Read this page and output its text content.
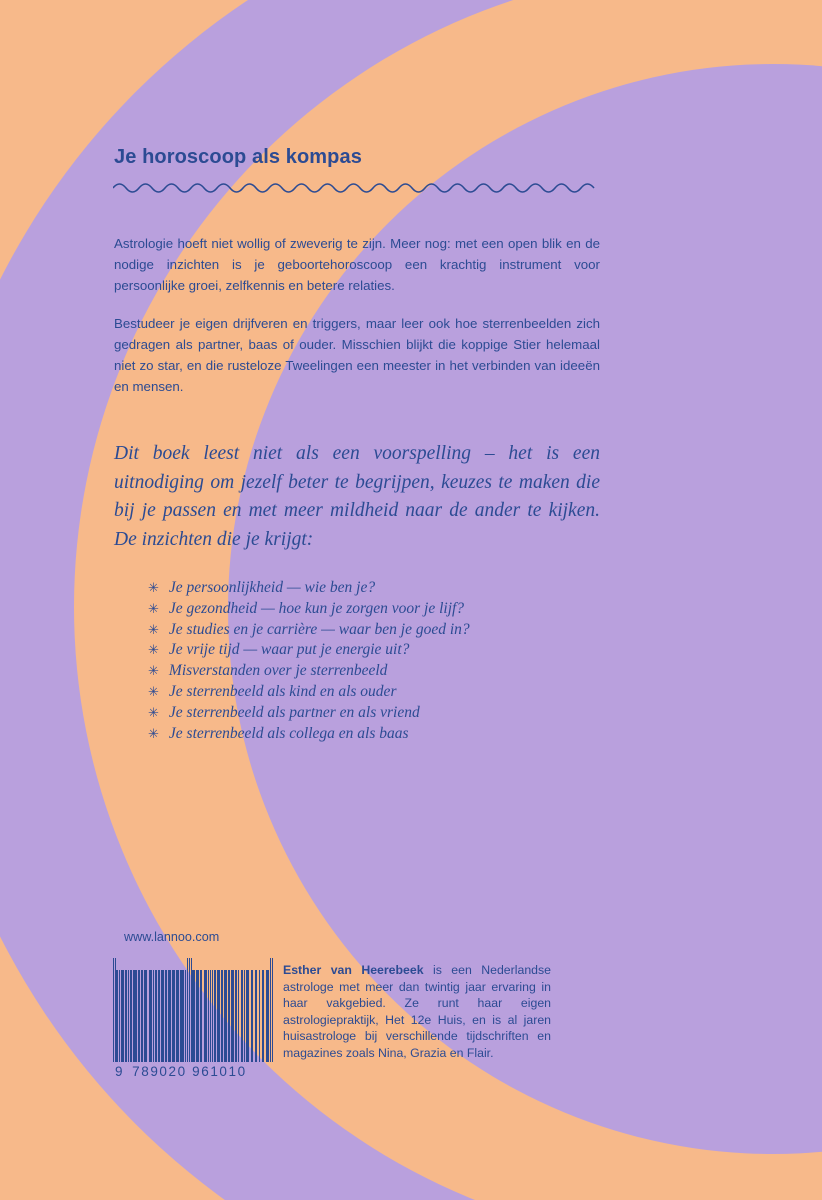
Je horoscoop als kompas

Astrologie hoeft niet wollig of zweverig te zijn. Meer nog: met een open blik en de nodige inzichten is je geboortehoroscoop een krachtig instrument voor persoonlijke groei, zelfkennis en betere relaties.

Bestudeer je eigen drijfveren en triggers, maar leer ook hoe sterrenbeelden zich gedragen als partner, baas of ouder. Misschien blijkt die koppige Stier helemaal niet zo star, en die rusteloze Tweelingen een meester in het verbinden van ideeën en mensen.

Dit boek leest niet als een voorspelling – het is een uitnodiging om jezelf beter te begrijpen, keuzes te maken die bij je passen en met meer mildheid naar de ander te kijken. De inzichten die je krijgt:
✳ Je persoonlijkheid — wie ben je?
✳ Je gezondheid — hoe kun je zorgen voor je lijf?
✳ Je studies en je carrière — waar ben je goed in?
✳ Je vrije tijd — waar put je energie uit?
✳ Misverstanden over je sterrenbeeld
✳ Je sterrenbeeld als kind en als ouder
✳ Je sterrenbeeld als partner en als vriend
✳ Je sterrenbeeld als collega en als baas
www.lannoo.com
9 789020 961010
Esther van Heerebeek is een Nederlandse astrologe met meer dan twintig jaar ervaring in haar vakgebied. Ze runt haar eigen astrologiepraktijk, Het 12e Huis, en is al jaren huisastrologe bij verschillende tijdschriften en magazines zoals Nina, Grazia en Flair.
